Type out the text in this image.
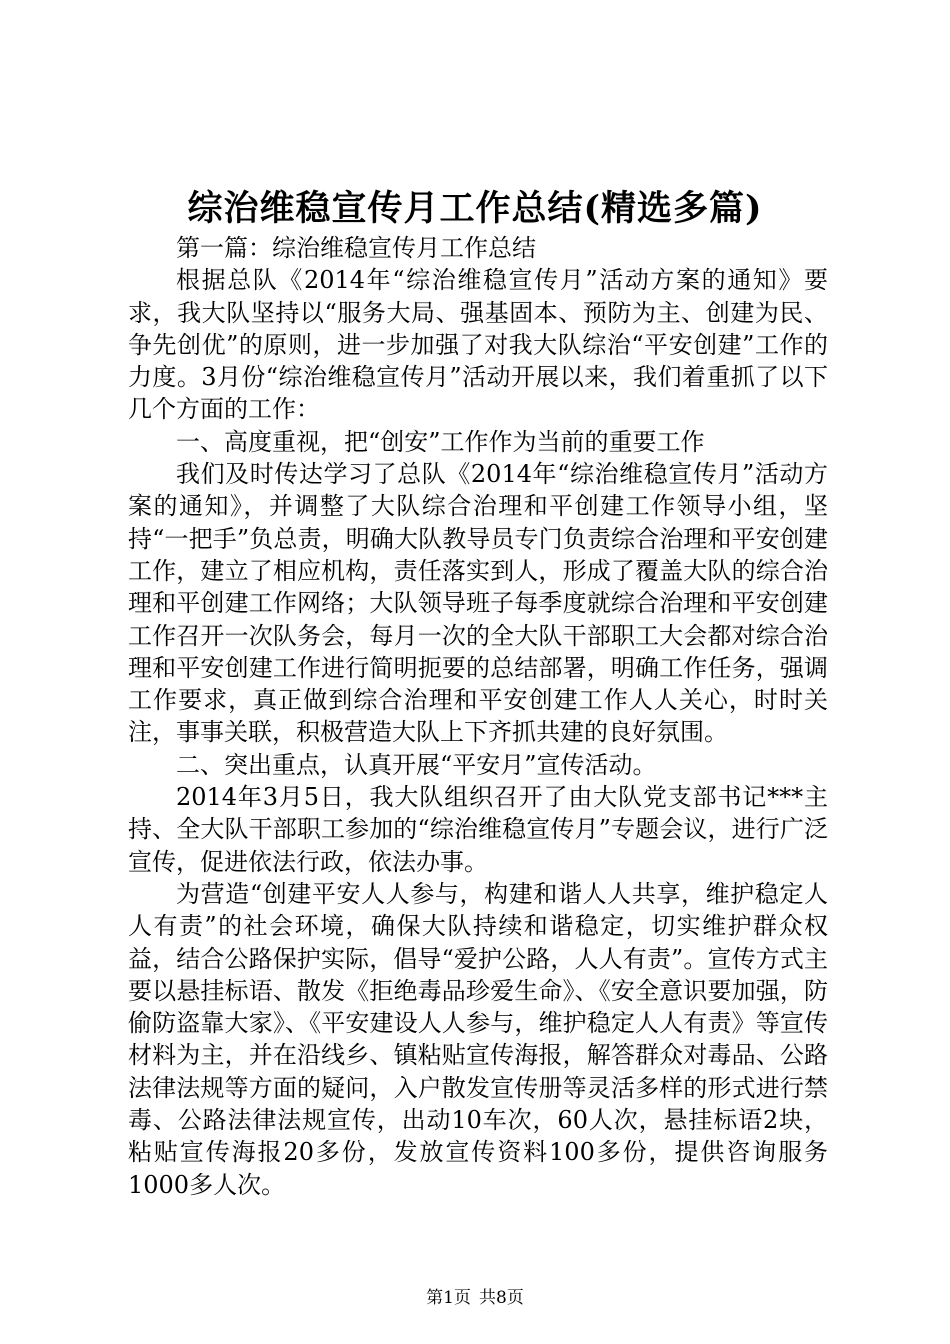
综治维稳宣传月工作总结(精选多篇)

第一篇：综治维稳宣传月工作总结

根据总队《2014年“综治维稳宣传月”活动方案的通知》要求，我大队坚持以“服务大局、强基固本、预防为主、创建为民、争先创优”的原则，进一步加强了对我大队综治“平安创建”工作的力度。3月份“综治维稳宣传月”活动开展以来，我们着重抓了以下几个方面的工作：

一、高度重视，把“创安”工作作为当前的重要工作

我们及时传达学习了总队《2014年“综治维稳宣传月”活动方案的通知》，并调整了大队综合治理和平创建工作领导小组，坚持“一把手”负总责，明确大队教导员专门负责综合治理和平安创建工作，建立了相应机构，责任落实到人，形成了覆盖大队的综合治理和平创建工作网络；大队领导班子每季度就综合治理和平安创建工作召开一次队务会，每月一次的全大队干部职工大会都对综合治理和平安创建工作进行简明扼要的总结部署，明确工作任务，强调工作要求，真正做到综合治理和平安创建工作人人关心，时时关注，事事关联，积极营造大队上下齐抓共建的良好氛围。

二、突出重点，认真开展“平安月”宣传活动。

2014年3月5日，我大队组织召开了由大队党支部书记***主持、全大队干部职工参加的“综治维稳宣传月”专题会议，进行广泛宣传，促进依法行政，依法办事。

为营造“创建平安人人参与，构建和谐人人共享，维护稳定人人有责”的社会环境，确保大队持续和谐稳定，切实维护群众权益，结合公路保护实际，倡导“爱护公路，人人有责”。宣传方式主要以悬挂标语、散发《拒绝毒品珍爱生命》、《安全意识要加强，防偷防盗靠大家》、《平安建设人人参与，维护稳定人人有责》等宣传材料为主，并在沿线乡、镇粘贴宣传海报，解答群众对毒品、公路法律法规等方面的疑问，入户散发宣传册等灵活多样的形式进行禁毒、公路法律法规宣传，出动10车次，60人次，悬挂标语2块，粘贴宣传海报20多份，发放宣传资料100多份，提供咨询服务1000多人次。

第1页 共8页
